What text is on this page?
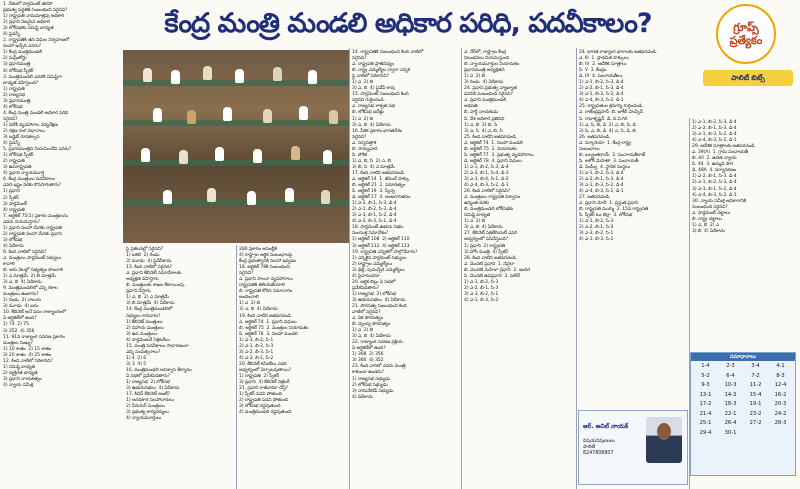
1. దేశంలో పార్లమెంట్ తరహా
ప్రభుత్వ పద్ధతికి సంబంధించి సరైనవి?
1) రాష్ట్రపతి నామమాత్రపు అధికారి
2) ప్రధాని నిజమైన అధికారి
3) లోక్‌సభకు సమిష్టి బాధ్యత
4) పైవన్నీ
2. రాష్ట్రపతికి తన విధుల నిర్వహణలో
సలహా ఇచ్చేది ఎవరు?
1) కేంద్ర మంత్రిమండలి
2) సుప్రీంకోర్టు
3) ప్రధానమంత్రి
4) లోక్‌సభ స్పీకర్
3. మంత్రిమండలి ఎవరికి సమిష్టిగా
బాధ్యత వహిస్తుంది?
1) రాష్ట్రపతి
2) రాజ్యసభ
3) ప్రధానమంత్రి
4) లోక్‌సభ
4. కేంద్ర మంత్రి మండలి అధికార పరిధి
సరైనవి?
1) విదేశీ వ్యవహారాల పర్యవేక్షణ
2) రక్షణ రంగ విధానాలు
3) బడ్జెట్ రూపకల్పన
4) పైవన్నీ
5. ప్రధానమంత్రిని నియమించేది ఎవరు?
1) లోక్‌సభ స్పీకర్
2) రాష్ట్రపతి
3) ఉపరాష్ట్రపతి
4) ప్రధాన న్యాయమూర్తి
6. కేంద్ర మంత్రులు పదవీకాలం
ఎవరి ఇష్టం వరకు కొనసాగుతారు?
1) ప్రధాని
2) స్పీకర్
3) పార్లమెంట్
4) రాష్ట్రపతి
7. ఆర్టికల్ 75(1) ప్రకారం మంత్రులను
ఎవరు నియమిస్తారు?
1) ప్రధాని సలహా మేరకు రాష్ట్రపతి
2) రాష్ట్రపతి సలహా మేరకు ప్రధాని
3) లోక్‌సభ
4) ఏదీకాదు
8. కింది వాటిలో సరైనది?
ఎ. మంత్రులు పార్లమెంట్ సభ్యులు
కావాలి
బి. ఆరు నెలల్లో సభ్యత్వం పొందాలి
1) ఎ మాత్రమే  2) బి మాత్రమే
3) ఎ, బి  4) ఏదీకాదు
9. మంత్రిమండలిలో ఎన్ని రకాల
మంత్రులు ఉంటారు?
1) రెండు  2) నాలుగు
3) మూడు  4) ఐదు
10. కేబినెట్ అనే పదం రాజ్యాంగంలో
ఏ ఆర్టికల్‌లో ఉంది?
1) 74  2) 75
3) 352  4) 356
11. 91వ రాజ్యాంగ సవరణ ప్రకారం
మంత్రుల సంఖ్య?
1) 10 శాతం  2) 15 శాతం
3) 20 శాతం  4) 25 శాతం
12. కింది వాటిలో సరికానిది?
1) సమిష్టి బాధ్యత
2) వ్యక్తిగత బాధ్యత
3) ప్రధాని నాయకత్వం
4) న్యాయ సమీక్ష
కేంద్ర మంత్రి మండలి అధికార పరిధి, పదవీకాలం?	గ్రూప్స్
ప్రత్యేకం
పాలిటీ బిట్స్
పై ప్రకటనల్లో సరైనవి?
1) ఒకటి  2) రెండు
3) మూడు  4) పైవేవీకాదు
13. కింది వాటిలో సరైనది?
ఎ. ప్రధాని కేబినెట్ సమావేశాలకు
అధ్యక్షత వహిస్తారు
బి. మంత్రులకు శాఖల కేటాయింపు
ప్రధాని చేస్తారు
1) ఎ, బి  2) ఎ మాత్రమే
3) బి మాత్రమే  4) ఏదీకాదు
14. కేంద్ర మంత్రిమండలిలో
సభ్యులు కానివారు?
1) కేబినెట్ మంత్రులు
2) సహాయ మంత్రులు
3) ఉప మంత్రులు
4) పార్లమెంటరీ సెక్రటరీలు
15. మంత్రి పదవీకాలం సాధారణంగా
ఎన్ని సంవత్సరాలు?
1) 4  2) 6
3) 3  4) 5
16. మంత్రిమండలి అవిశ్వాస తీర్మానం
ఏ సభలో ప్రవేశపెడతారు?
1) రాజ్యసభ  2) లోక్‌సభ
3) ఉభయసభలు  4) ఏదీకాదు
17. కిచెన్ కేబినెట్ అంటే?
1) అనధికార సలహాదారులు
2) సీనియర్ మంత్రులు
3) ప్రభుత్వ కార్యదర్శులు
4) న్యాయమూర్తులు
280 ప్రకారం అసెంబ్లీకి
4) రాష్ట్రాల ఆర్థిక సంబంధాలపై
కేంద్ర ప్రభుత్వానికి సలహా ఇవ్వడం
18. ఆర్టికల్ 78కి సంబంధించి
సరైనవి?
ఎ. ప్రధాని పాలనా వ్యవహారాలు
రాష్ట్రపతికి తెలియజేయాలి
బి. రాష్ట్రపతి కోరిన సమాచారం
అందించాలి
1) ఎ  2) బి
3) ఎ, బి  4) ఏదీకాదు
19. కింది వాటిని జతపరచండి.
ఎ. ఆర్టికల్ 74  1. ప్రధాని విధులు
బి. ఆర్టికల్ 75  2. మంత్రుల నియామకం
సి. ఆర్టికల్ 78  3. సలహా మండలి
1) ఎ-3, బి-2, సి-1
2) ఎ-1, బి-2, సి-3
3) ఎ-2, బి-3, సి-1
4) ఎ-3, బి-1, సి-2
20. కేబినెట్ కమిటీలు ఎవరి
ఆధ్వర్యంలో ఏర్పాటవుతాయి?
1) రాష్ట్రపతి  2) స్పీకర్
3) ప్రధాని  4) కేబినెట్ సెక్రటరీ
21. ప్రధాని రాజీనామా చేస్తే?
1) స్పీకర్ పదవి పోతుంది
2) రాష్ట్రపతి పదవి పోతుంది
3) లోక్‌సభ రద్దవుతుంది
4) మంత్రిమండలి రద్దవుతుంది
14. రాష్ట్రపతికి సంబంధించి కింది వాటిలో
సరైనవి?
ఎ. రాష్ట్రపతి ప్రాతినిధ్యం
బి. రాష్ట్ర ఎమ్మెల్యేల ద్వారా ఎన్నిక
పై వాటిలో సరికానివి?
1) ఎ  2) బి
3) ఎ, బి  4) పైవేవీ కావు
15. పార్లమెంట్ సంబంధించి కింది
సరైనవి గుర్తించండి.
ఎ. రాజ్యసభ శాశ్వత సభ
బి. లోక్‌సభ ఐదేళ్లు
1) ఎ  2) బి
3) ఎ, బి  4) ఏదీకాదు
16. పీఠిక ప్రకారం భారతదేశం
సరైనవి?
ఎ. సర్వసత్తాక
బి. సామ్యవాద
సి. లౌకిక
1) ఎ, బి, సి  2) ఎ, బి
3) బి, సి  4) ఎ మాత్రమే
17. కింది వాటిని జతపరచండి.
ఎ. ఆర్టికల్ 14  1. జీవించే హక్కు
బి. ఆర్టికల్ 21  2. సమానత్వం
సి. ఆర్టికల్ 19  3. స్వేచ్ఛ
డి. ఆర్టికల్ 17  4. అంటరానితనం
1) ఎ-2, బి-1, సి-3, డి-4
2) ఎ-1, బి-2, సి-3, డి-4
3) ఎ-3, బి-1, సి-2, డి-4
4) ఎ-2, బి-3, సి-1, డి-4
18. పార్లమెంట్ ఉభయ సభల
సంయుక్త సమావేశం?
1) ఆర్టికల్ 108  2) ఆర్టికల్ 110
3) ఆర్టికల్ 112  4) ఆర్టికల్ 123
19. రాష్ట్రపతి ఎన్నికలో పాల్గొనేవారు?
1) ఎన్నికైన పార్లమెంట్ సభ్యులు
2) రాష్ట్రాల ఎమ్మెల్యేలు
3) ఢిల్లీ, పుదుచ్చేరి ఎమ్మెల్యేలు
4) పైవారందరూ
20. ఆర్థిక బిల్లు ఏ సభలో
ప్రవేశపెడతారు?
1) రాజ్యసభ  2) లోక్‌సభ
3) ఉభయసభలు  4) ఏదీకాదు
21. పౌరసత్వ సంబంధించి కింది
వాటిలో సరైనవి?
ఎ. ఏక పౌరసత్వం
బి. ద్వంద్వ పౌరసత్వం
1) ఎ  2) బి
3) ఎ, బి  4) ఏదీకాదు
22. రాజ్యాంగ సవరణ ప్రక్రియ
ఏ ఆర్టికల్‌లో ఉంది?
1) 368  2) 356
3) 360  4) 352
23. కింది వారిలో ఎవరు మంత్రి
కాకుండా ఉండరు?
1) రాజ్యసభ సభ్యుడు
2) లోక్‌సభ సభ్యుడు
3) నామినేటెడ్ సభ్యుడు
4) ఏదీకాదు
ఎ. నేర్‌లో, రాష్ట్రాల కేంద్ర
నిబంధనలు నియమిస్తుంది
బి. న్యాయమూర్తుల నియామకం
ప్రధానమంత్రి అధ్యక్షతన
1) ఎ  2) బి
3) రెండు  4) ఏదీకాదు
24. ప్రధాని ప్రభుత్వ వ్యాఖ్యాత
పదవికి సంబంధించి సరైనవి?
ఎ. ప్రధాని మంత్రిమండలి
అధిపతి
బి. పార్టీ నాయకుడు
సి. దేశ అధికార ప్రతినిధి
1) ఎ, బి  2) బి, సి
3) ఎ, సి  4) ఎ, బి, సి
25. కింది వాటిని జతపరచండి.
ఎ. ఆర్టికల్ 74  1. సలహా మండలి
బి. ఆర్టికల్ 75  2. నియామకం
సి. ఆర్టికల్ 77  3. ప్రభుత్వ వ్యవహారాలు
డి. ఆర్టికల్ 78  4. ప్రధాని విధులు
1) ఎ-1, బి-2, సి-3, డి-4
2) ఎ-2, బి-1, సి-4, డి-3
3) ఎ-3, బి-4, సి-1, డి-2
4) ఎ-4, బి-3, సి-2, డి-1
26. కింది వాటిలో సరైనవి?
ఎ. మంత్రులు రాష్ట్రపతి విశ్వాసం
ఉన్నంత వరకు
బి. మంత్రిమండలి లోక్‌సభకు
సమిష్టి బాధ్యత
1) ఎ  2) బి
3) ఎ, బి  4) ఏదీకాదు
27. కేబినెట్ సెక్రటేరియట్ ఎవరి
ఆధ్వర్యంలో పనిచేస్తుంది?
1) ప్రధాని  2) రాష్ట్రపతి
3) హోం మంత్రి  4) స్పీకర్
28. కింది వాటిని జతపరచండి.
ఎ. మొదటి ప్రధాని  1. నెహ్రూ
బి. మొదటి మహిళా ప్రధాని  2. ఇందిర
సి. మొదటి ఉపప్రధాని  3. పటేల్
1) ఎ-1, బి-2, సి-3
2) ఎ-2, బి-1, సి-3
3) ఎ-3, బి-2, సి-1
4) ఎ-1, బి-3, సి-2
24. భారత రాజ్యాంగ భాగాలకు జతపరచండి.
ఎ. III  1. ప్రాథమిక హక్కులు
బి. IV  2. ఆదేశిక సూత్రాలు
సి. V  3. కేంద్రం
డి. IX  4. పంచాయతీలు
1) ఎ-1, బి-2, సి-3, డి-4
2) ఎ-2, బి-1, సి-3, డి-4
3) ఎ-1, బి-3, సి-2, డి-4
4) ఎ-4, బి-3, సి-2, డి-1
25. రాష్ట్రపతుల క్రమాన్ని గుర్తించండి.
ఎ. రాజేంద్రప్రసాద్  బి. జాకీర్ హుస్సేన్
సి. రాధాకృష్ణన్  డి. వి.వి.గిరి
1) ఎ, సి, బి, డి  2) ఎ, బి, సి, డి
3) సి, ఎ, బి, డి  4) ఎ, సి, డి, బి
26. జతపరచండి.
ఎ. సర్కారియా  1. కేంద్ర-రాష్ట్ర
సంబంధాలు
బి. బల్వంతరాయ్  2. పంచాయతీరాజ్
సి. అశోక్ మెహతా  3. పంచాయతీ
డి. సింఘ్వీ  4. స్థానిక సంస్థలు
1) ఎ-1, బి-2, సి-3, డి-4
2) ఎ-2, బి-1, సి-3, డి-4
3) ఎ-1, బి-3, సి-2, డి-4
4) ఎ-4, బి-3, సి-2, డి-1
27. జతపరచండి.
ఎ. ప్రధాని మోదీ  1. ప్రస్తుత ప్రధాని
బి. రాష్ట్రపతి ముర్ము  2. 15వ రాష్ట్రపతి
సి. స్పీకర్ ఓం బిర్లా  3. లోక్‌సభ
1) ఎ-1, బి-2, సి-3
2) ఎ-2, బి-1, సి-3
3) ఎ-3, బి-2, సి-1
4) ఎ-1, బి-3, సి-2
1) ఎ-1, బి-2, సి-3, డి-4
2) ఎ-2, బి-1, సి-3, డి-4
3) ఎ-1, బి-3, సి-2, డి-4
4) ఎ-4, బి-3, సి-2, డి-1
29. ఆదేశిక సూత్రాలకు జతపరచండి.
ఎ. 39(A)  1. గ్రామ పంచాయతీ
బి. 40  2. ఉచిత న్యాయ
సి. 44  3. ఉమ్మడి పౌర
డి. 48A  4. పర్యావరణం
1) ఎ-2, బి-1, సి-3, డి-4
2) ఎ-1, బి-2, సి-3, డి-4
3) ఎ-3, బి-1, సి-2, డి-4
4) ఎ-4, బి-3, సి-2, డి-1
30. న్యాయ సమీక్ష అధికారానికి
సంబంధించి సరైనవి?
ఎ. పార్లమెంట్ చట్టాలు
బి. రాష్ట్ర చట్టాలు
1) ఎ, బి  2) ఎ
3) బి  4) ఏదీకాదు
సమాధానాలు
1-4	2-3	3-4	4-1
5-2	6-4	7-2	8-3
9-3	10-3	11-2	12-4
13-1	14-3	15-4	16-2
17-2	18-3	19-1	20-3
21-4	22-1	23-2	24-2
25-1	26-4	27-2	28-3
29-4	30-1
ఆర్. అనిల్ నాయక్
విషయనిపుణులు
పాలిటీ
8247808807
